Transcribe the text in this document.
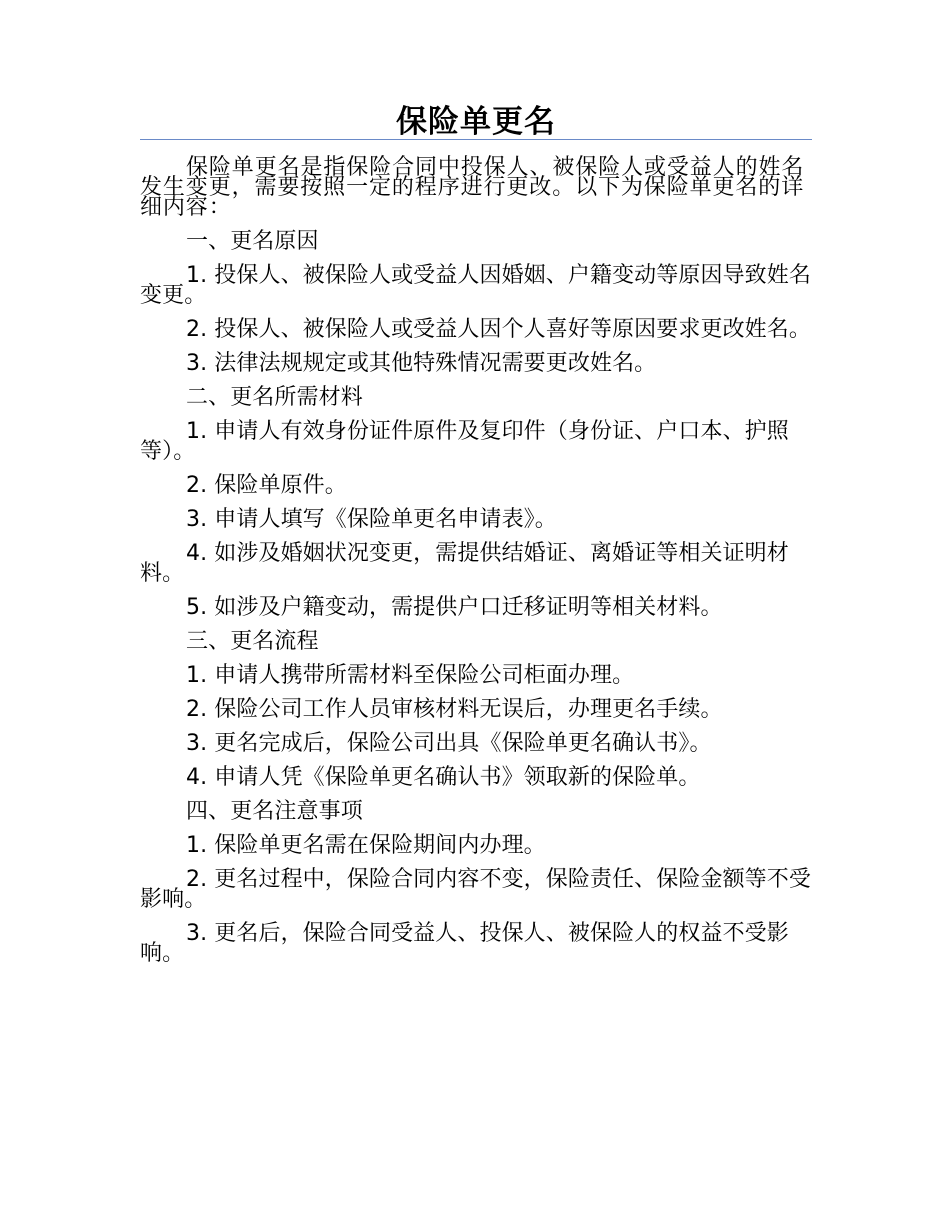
保险单更名

保险单更名是指保险合同中投保人、被保险人或受益人的姓名发生变更，需要按照一定的程序进行更改。以下为保险单更名的详细内容：

一、更名原因

1. 投保人、被保险人或受益人因婚姻、户籍变动等原因导致姓名变更。

2. 投保人、被保险人或受益人因个人喜好等原因要求更改姓名。

3. 法律法规规定或其他特殊情况需要更改姓名。

二、更名所需材料

1. 申请人有效身份证件原件及复印件（身份证、户口本、护照等）。

2. 保险单原件。

3. 申请人填写《保险单更名申请表》。

4. 如涉及婚姻状况变更，需提供结婚证、离婚证等相关证明材料。

5. 如涉及户籍变动，需提供户口迁移证明等相关材料。

三、更名流程

1. 申请人携带所需材料至保险公司柜面办理。

2. 保险公司工作人员审核材料无误后，办理更名手续。

3. 更名完成后，保险公司出具《保险单更名确认书》。

4. 申请人凭《保险单更名确认书》领取新的保险单。

四、更名注意事项

1. 保险单更名需在保险期间内办理。

2. 更名过程中，保险合同内容不变，保险责任、保险金额等不受影响。

3. 更名后，保险合同受益人、投保人、被保险人的权益不受影响。
